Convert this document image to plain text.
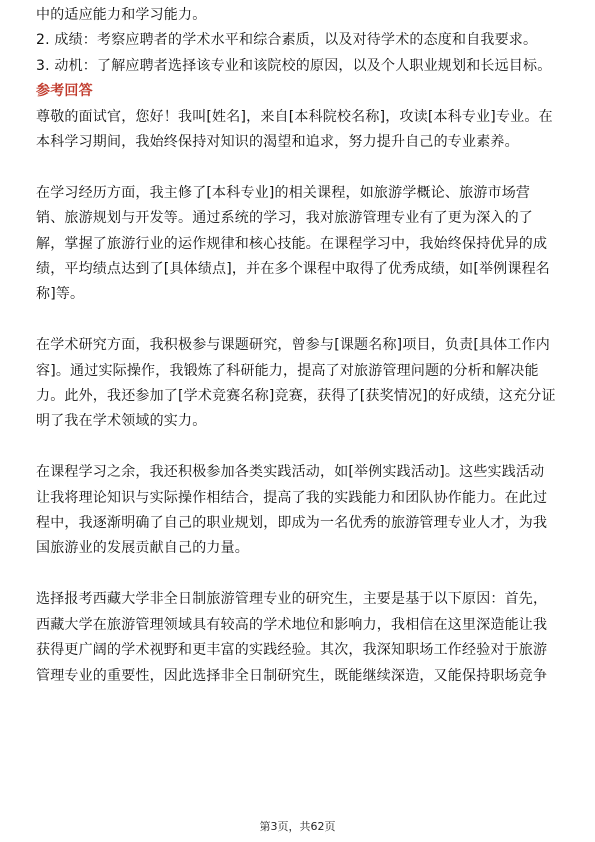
中的适应能力和学习能力。

2. 成绩：考察应聘者的学术水平和综合素质，以及对待学术的态度和自我要求。

3. 动机：了解应聘者选择该专业和该院校的原因，以及个人职业规划和长远目标。

参考回答

尊敬的面试官，您好！我叫[姓名]，来自[本科院校名称]，攻读[本科专业]专业。在本科学习期间，我始终保持对知识的渴望和追求，努力提升自己的专业素养。

在学习经历方面，我主修了[本科专业]的相关课程，如旅游学概论、旅游市场营销、旅游规划与开发等。通过系统的学习，我对旅游管理专业有了更为深入的了解，掌握了旅游行业的运作规律和核心技能。在课程学习中，我始终保持优异的成绩，平均绩点达到了[具体绩点]，并在多个课程中取得了优秀成绩，如[举例课程名称]等。

在学术研究方面，我积极参与课题研究，曾参与[课题名称]项目，负责[具体工作内容]。通过实际操作，我锻炼了科研能力，提高了对旅游管理问题的分析和解决能力。此外，我还参加了[学术竞赛名称]竞赛，获得了[获奖情况]的好成绩，这充分证明了我在学术领域的实力。

在课程学习之余，我还积极参加各类实践活动，如[举例实践活动]。这些实践活动让我将理论知识与实际操作相结合，提高了我的实践能力和团队协作能力。在此过程中，我逐渐明确了自己的职业规划，即成为一名优秀的旅游管理专业人才，为我国旅游业的发展贡献自己的力量。

选择报考西藏大学非全日制旅游管理专业的研究生，主要是基于以下原因：首先，西藏大学在旅游管理领域具有较高的学术地位和影响力，我相信在这里深造能让我获得更广阔的学术视野和更丰富的实践经验。其次，我深知职场工作经验对于旅游管理专业的重要性，因此选择非全日制研究生，既能继续深造，又能保持职场竞争

第3页，共62页
